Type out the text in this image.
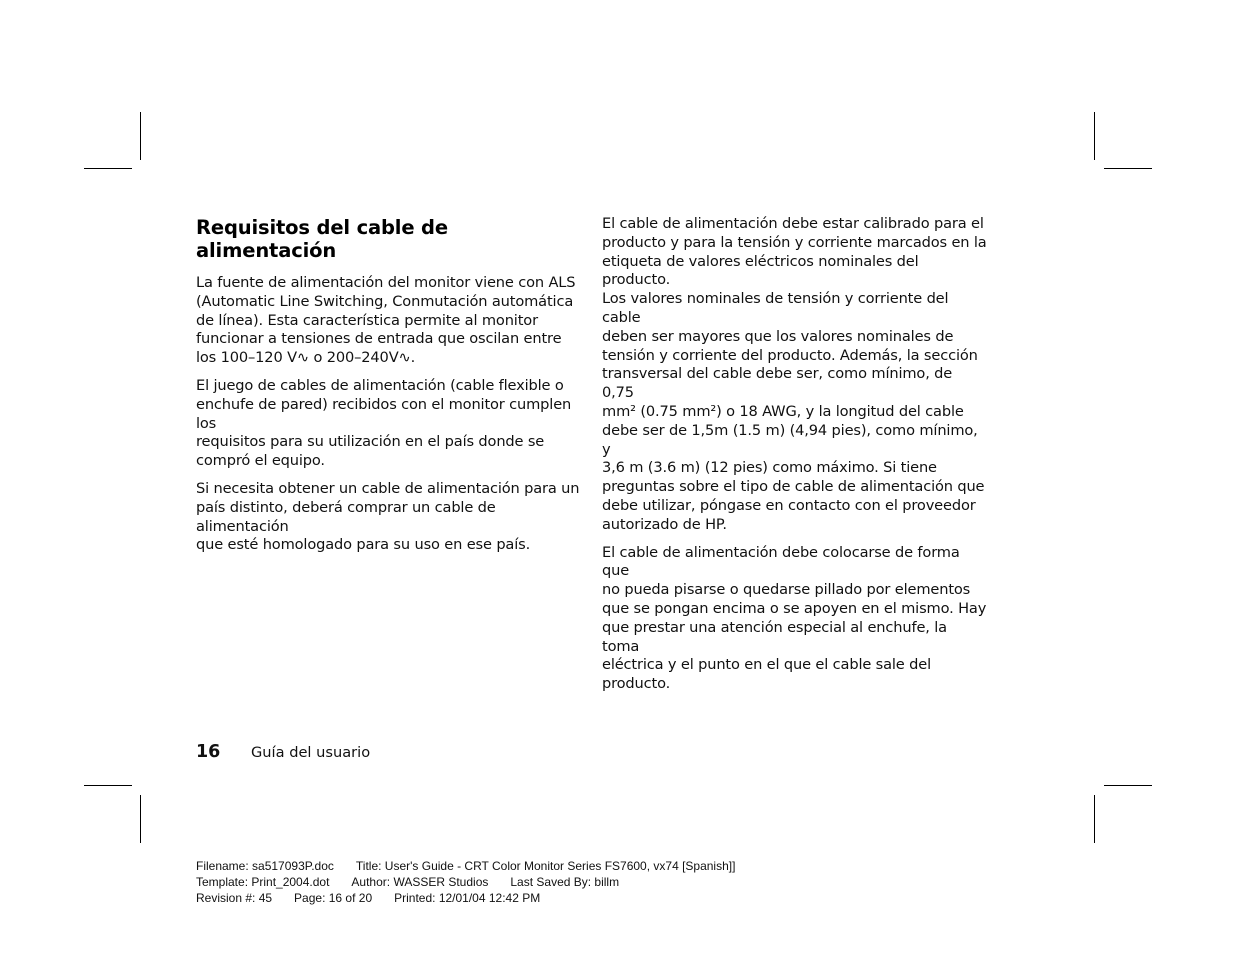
Requisitos del cable de
alimentación

La fuente de alimentación del monitor viene con ALS
(Automatic Line Switching, Conmutación automática
de línea). Esta característica permite al monitor
funcionar a tensiones de entrada que oscilan entre
los 100–120 V∿ o 200–240V∿.

El juego de cables de alimentación (cable flexible o
enchufe de pared) recibidos con el monitor cumplen los
requisitos para su utilización en el país donde se
compró el equipo.

Si necesita obtener un cable de alimentación para un
país distinto, deberá comprar un cable de alimentación
que esté homologado para su uso en ese país.

El cable de alimentación debe estar calibrado para el
producto y para la tensión y corriente marcados en la
etiqueta de valores eléctricos nominales del producto.
Los valores nominales de tensión y corriente del cable
deben ser mayores que los valores nominales de
tensión y corriente del producto. Además, la sección
transversal del cable debe ser, como mínimo, de 0,75
mm² (0.75 mm²) o 18 AWG, y la longitud del cable
debe ser de 1,5m (1.5 m) (4,94 pies), como mínimo, y
3,6 m (3.6 m) (12 pies) como máximo. Si tiene
preguntas sobre el tipo de cable de alimentación que
debe utilizar, póngase en contacto con el proveedor
autorizado de HP.

El cable de alimentación debe colocarse de forma que
no pueda pisarse o quedarse pillado por elementos
que se pongan encima o se apoyen en el mismo. Hay
que prestar una atención especial al enchufe, la toma
eléctrica y el punto en el que el cable sale del
producto.

16 Guía del usuario
Filename: sa517093P.doc Title: User's Guide - CRT Color Monitor Series FS7600, vx74 [Spanish]]
Template: Print_2004.dot Author: WASSER Studios Last Saved By: billm
Revision #: 45 Page: 16 of 20 Printed: 12/01/04 12:42 PM
